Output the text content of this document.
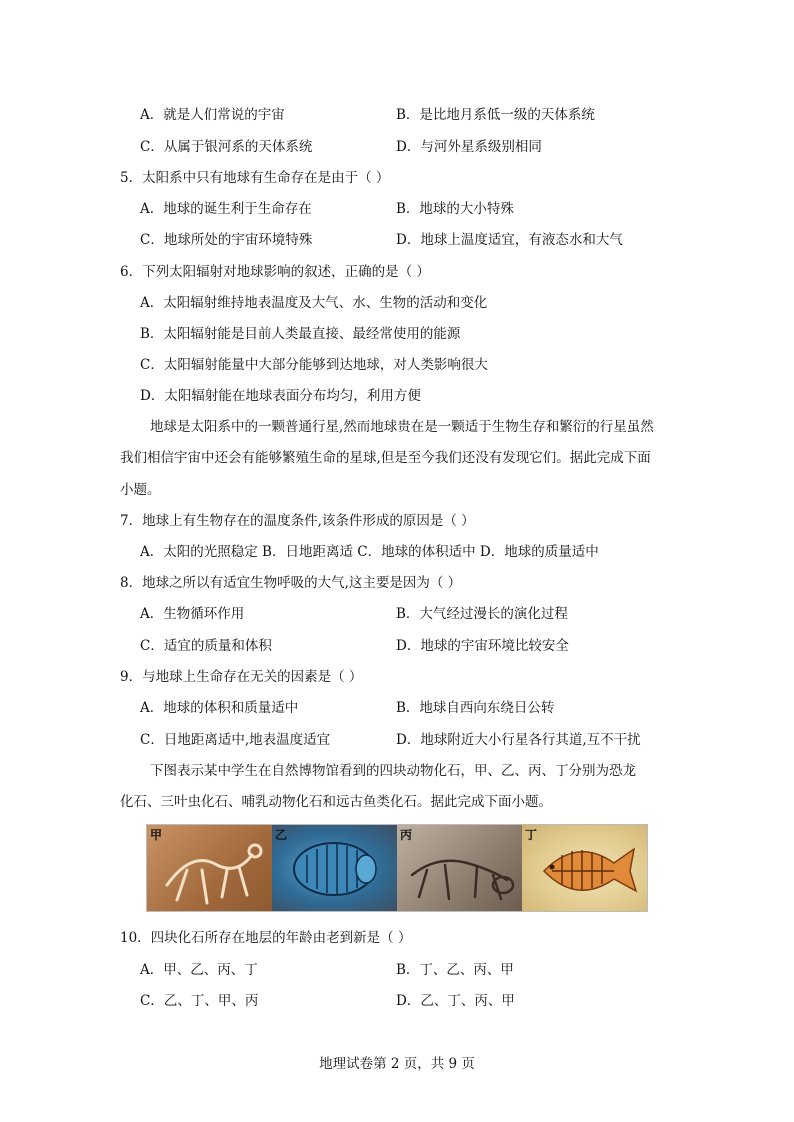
A．就是人们常说的宇宙	B．是比地月系低一级的天体系统
C．从属于银河系的天体系统	D．与河外星系级别相同
5．太阳系中只有地球有生命存在是由于（ ）
A．地球的诞生利于生命存在	B．地球的大小特殊
C．地球所处的宇宙环境特殊	D．地球上温度适宜，有液态水和大气
6．下列太阳辐射对地球影响的叙述，正确的是（ ）
A．太阳辐射维持地表温度及大气、水、生物的活动和变化
B．太阳辐射能是目前人类最直接、最经常使用的能源
C．太阳辐射能量中大部分能够到达地球，对人类影响很大
D．太阳辐射能在地球表面分布均匀，利用方便
地球是太阳系中的一颗普通行星,然而地球贵在是一颗适于生物生存和繁衍的行星虽然
我们相信宇宙中还会有能够繁殖生命的星球,但是至今我们还没有发现它们。据此完成下面
小题。
7．地球上有生物存在的温度条件,该条件形成的原因是（ ）
A．太阳的光照稳定 B．日地距离适 C．地球的体积适中 D．地球的质量适中
8．地球之所以有适宜生物呼吸的大气,这主要是因为（ ）
A．生物循环作用	B．大气经过漫长的演化过程
C．适宜的质量和体积	D．地球的宇宙环境比较安全
9．与地球上生命存在无关的因素是（ ）
A．地球的体积和质量适中	B．地球自西向东绕日公转
C．日地距离适中,地表温度适宜	D．地球附近大小行星各行其道,互不干扰
下图表示某中学生在自然博物馆看到的四块动物化石，甲、乙、丙、丁分别为恐龙
化石、三叶虫化石、哺乳动物化石和远古鱼类化石。据此完成下面小题。
甲	乙	丙	丁
10．四块化石所存在地层的年龄由老到新是（ ）
A．甲、乙、丙、丁	B．丁、乙、丙、甲
C．乙、丁、甲、丙	D．乙、丁、丙、甲
地理试卷第 2 页，共 9 页
